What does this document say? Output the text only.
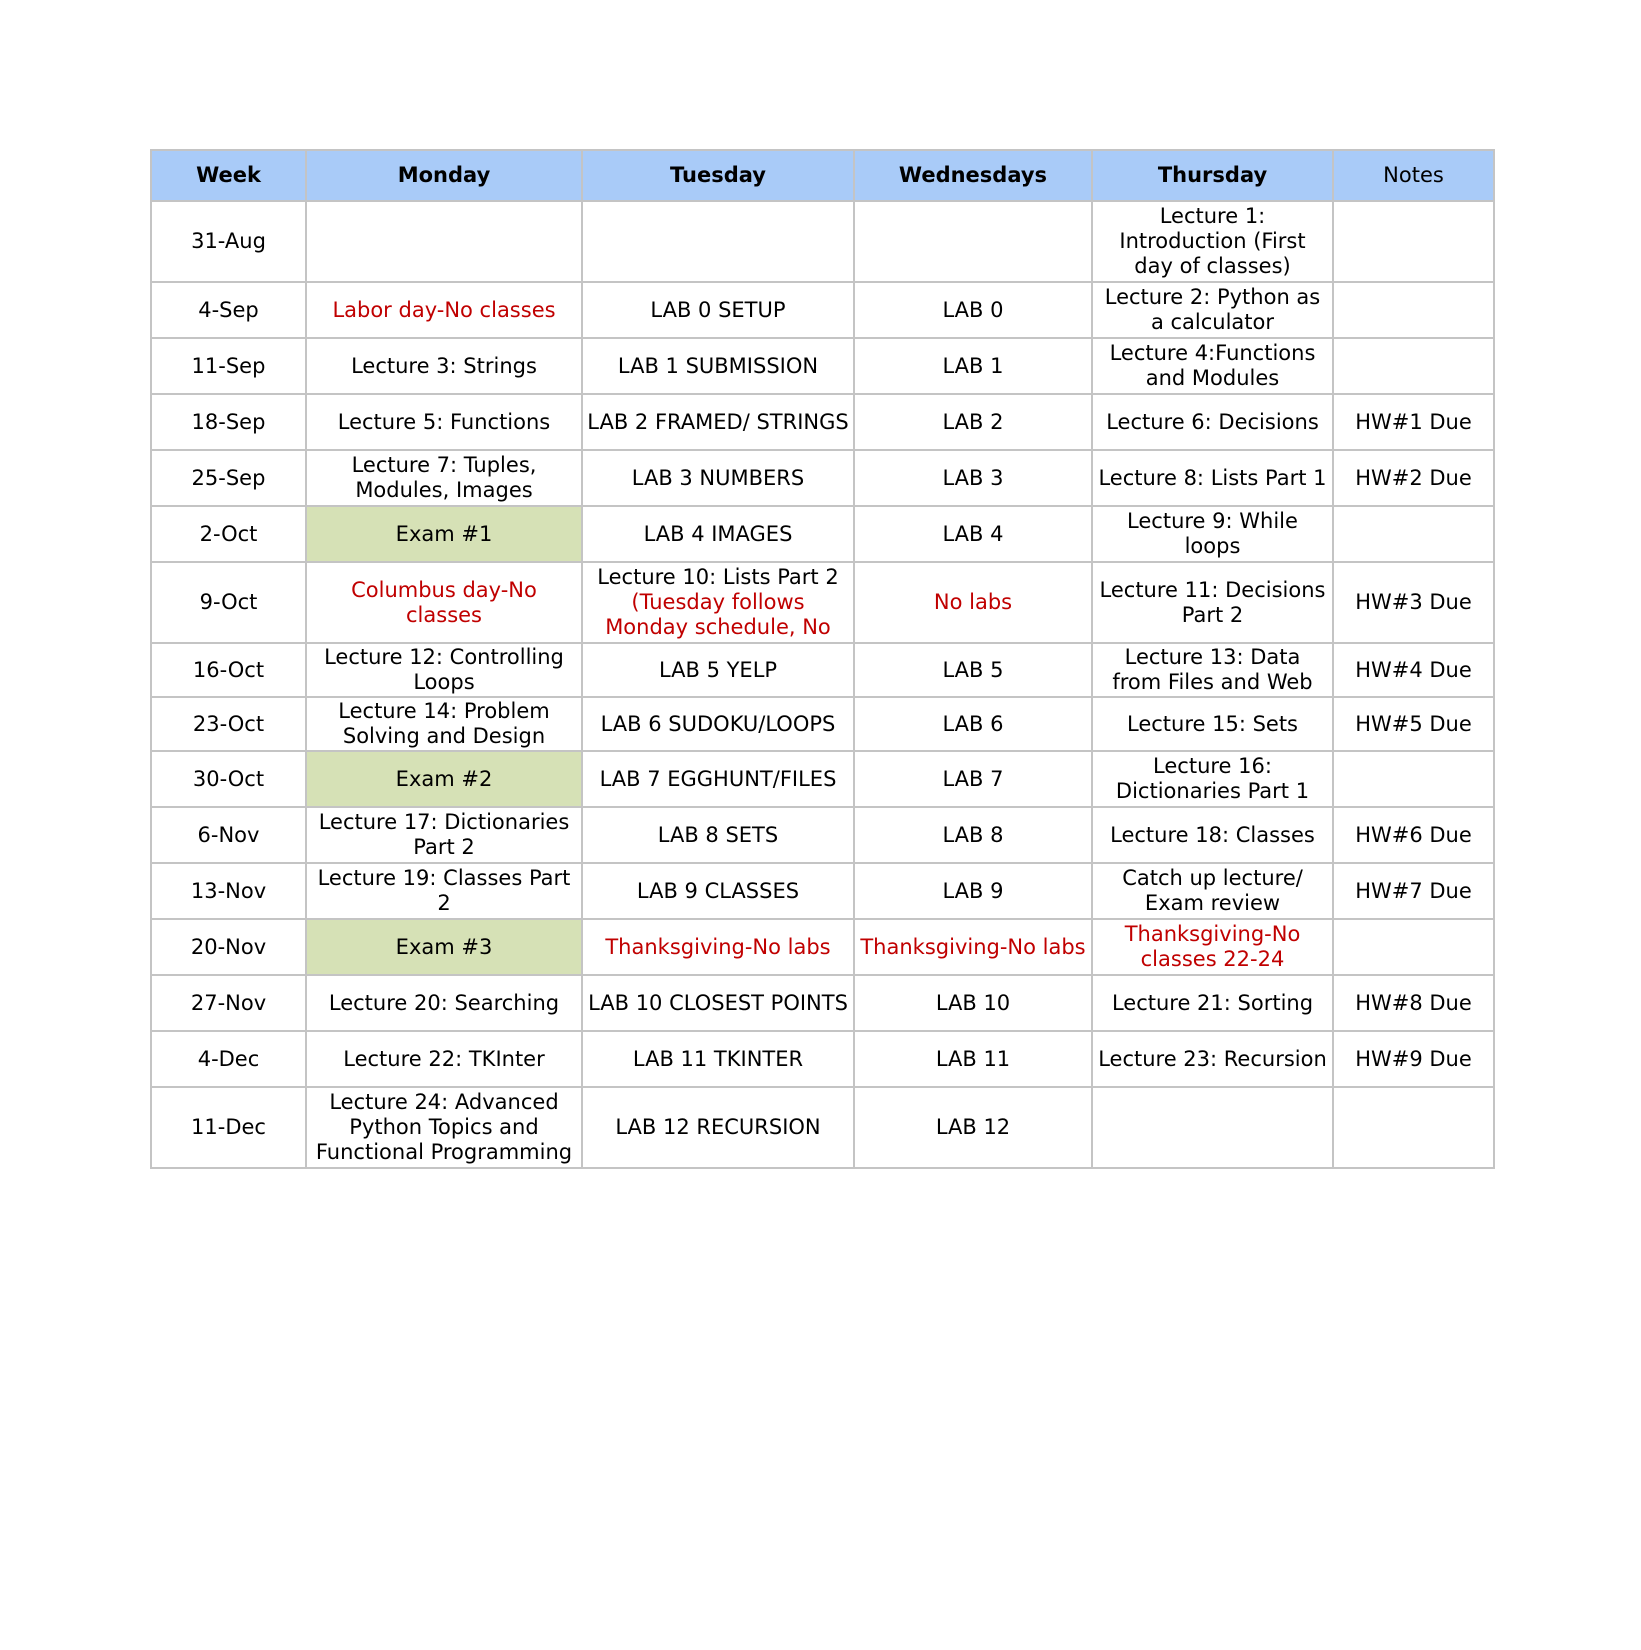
Week	Monday	Tuesday	Wednesdays	Thursday	Notes
31-Aug				Lecture 1: Introduction (First day of classes)	
4-Sep	Labor day-No classes	LAB 0 SETUP	LAB 0	Lecture 2: Python as a calculator	
11-Sep	Lecture 3: Strings	LAB 1 SUBMISSION	LAB 1	Lecture 4:Functions and Modules	
18-Sep	Lecture 5: Functions	LAB 2 FRAMED/ STRINGS	LAB 2	Lecture 6: Decisions	HW#1 Due
25-Sep	Lecture 7: Tuples, Modules, Images	LAB 3 NUMBERS	LAB 3	Lecture 8: Lists Part 1	HW#2 Due
2-Oct	Exam #1	LAB 4 IMAGES	LAB 4	Lecture 9: While loops	
9-Oct	Columbus day-No classes	Lecture 10: Lists Part 2 (Tuesday follows Monday schedule, No	No labs	Lecture 11: Decisions Part 2	HW#3 Due
16-Oct	Lecture 12: Controlling Loops	LAB 5 YELP	LAB 5	Lecture 13: Data from Files and Web	HW#4 Due
23-Oct	Lecture 14: Problem Solving and Design	LAB 6 SUDOKU/LOOPS	LAB 6	Lecture 15: Sets	HW#5 Due
30-Oct	Exam #2	LAB 7 EGGHUNT/FILES	LAB 7	Lecture 16: Dictionaries Part 1	
6-Nov	Lecture 17: Dictionaries Part 2	LAB 8 SETS	LAB 8	Lecture 18: Classes	HW#6 Due
13-Nov	Lecture 19: Classes Part 2	LAB 9 CLASSES	LAB 9	Catch up lecture/ Exam review	HW#7 Due
20-Nov	Exam #3	Thanksgiving-No labs	Thanksgiving-No labs	Thanksgiving-No classes 22-24	
27-Nov	Lecture 20: Searching	LAB 10 CLOSEST POINTS	LAB 10	Lecture 21: Sorting	HW#8 Due
4-Dec	Lecture 22: TKInter	LAB 11 TKINTER	LAB 11	Lecture 23: Recursion	HW#9 Due
11-Dec	Lecture 24: Advanced Python Topics and Functional Programming	LAB 12 RECURSION	LAB 12		
